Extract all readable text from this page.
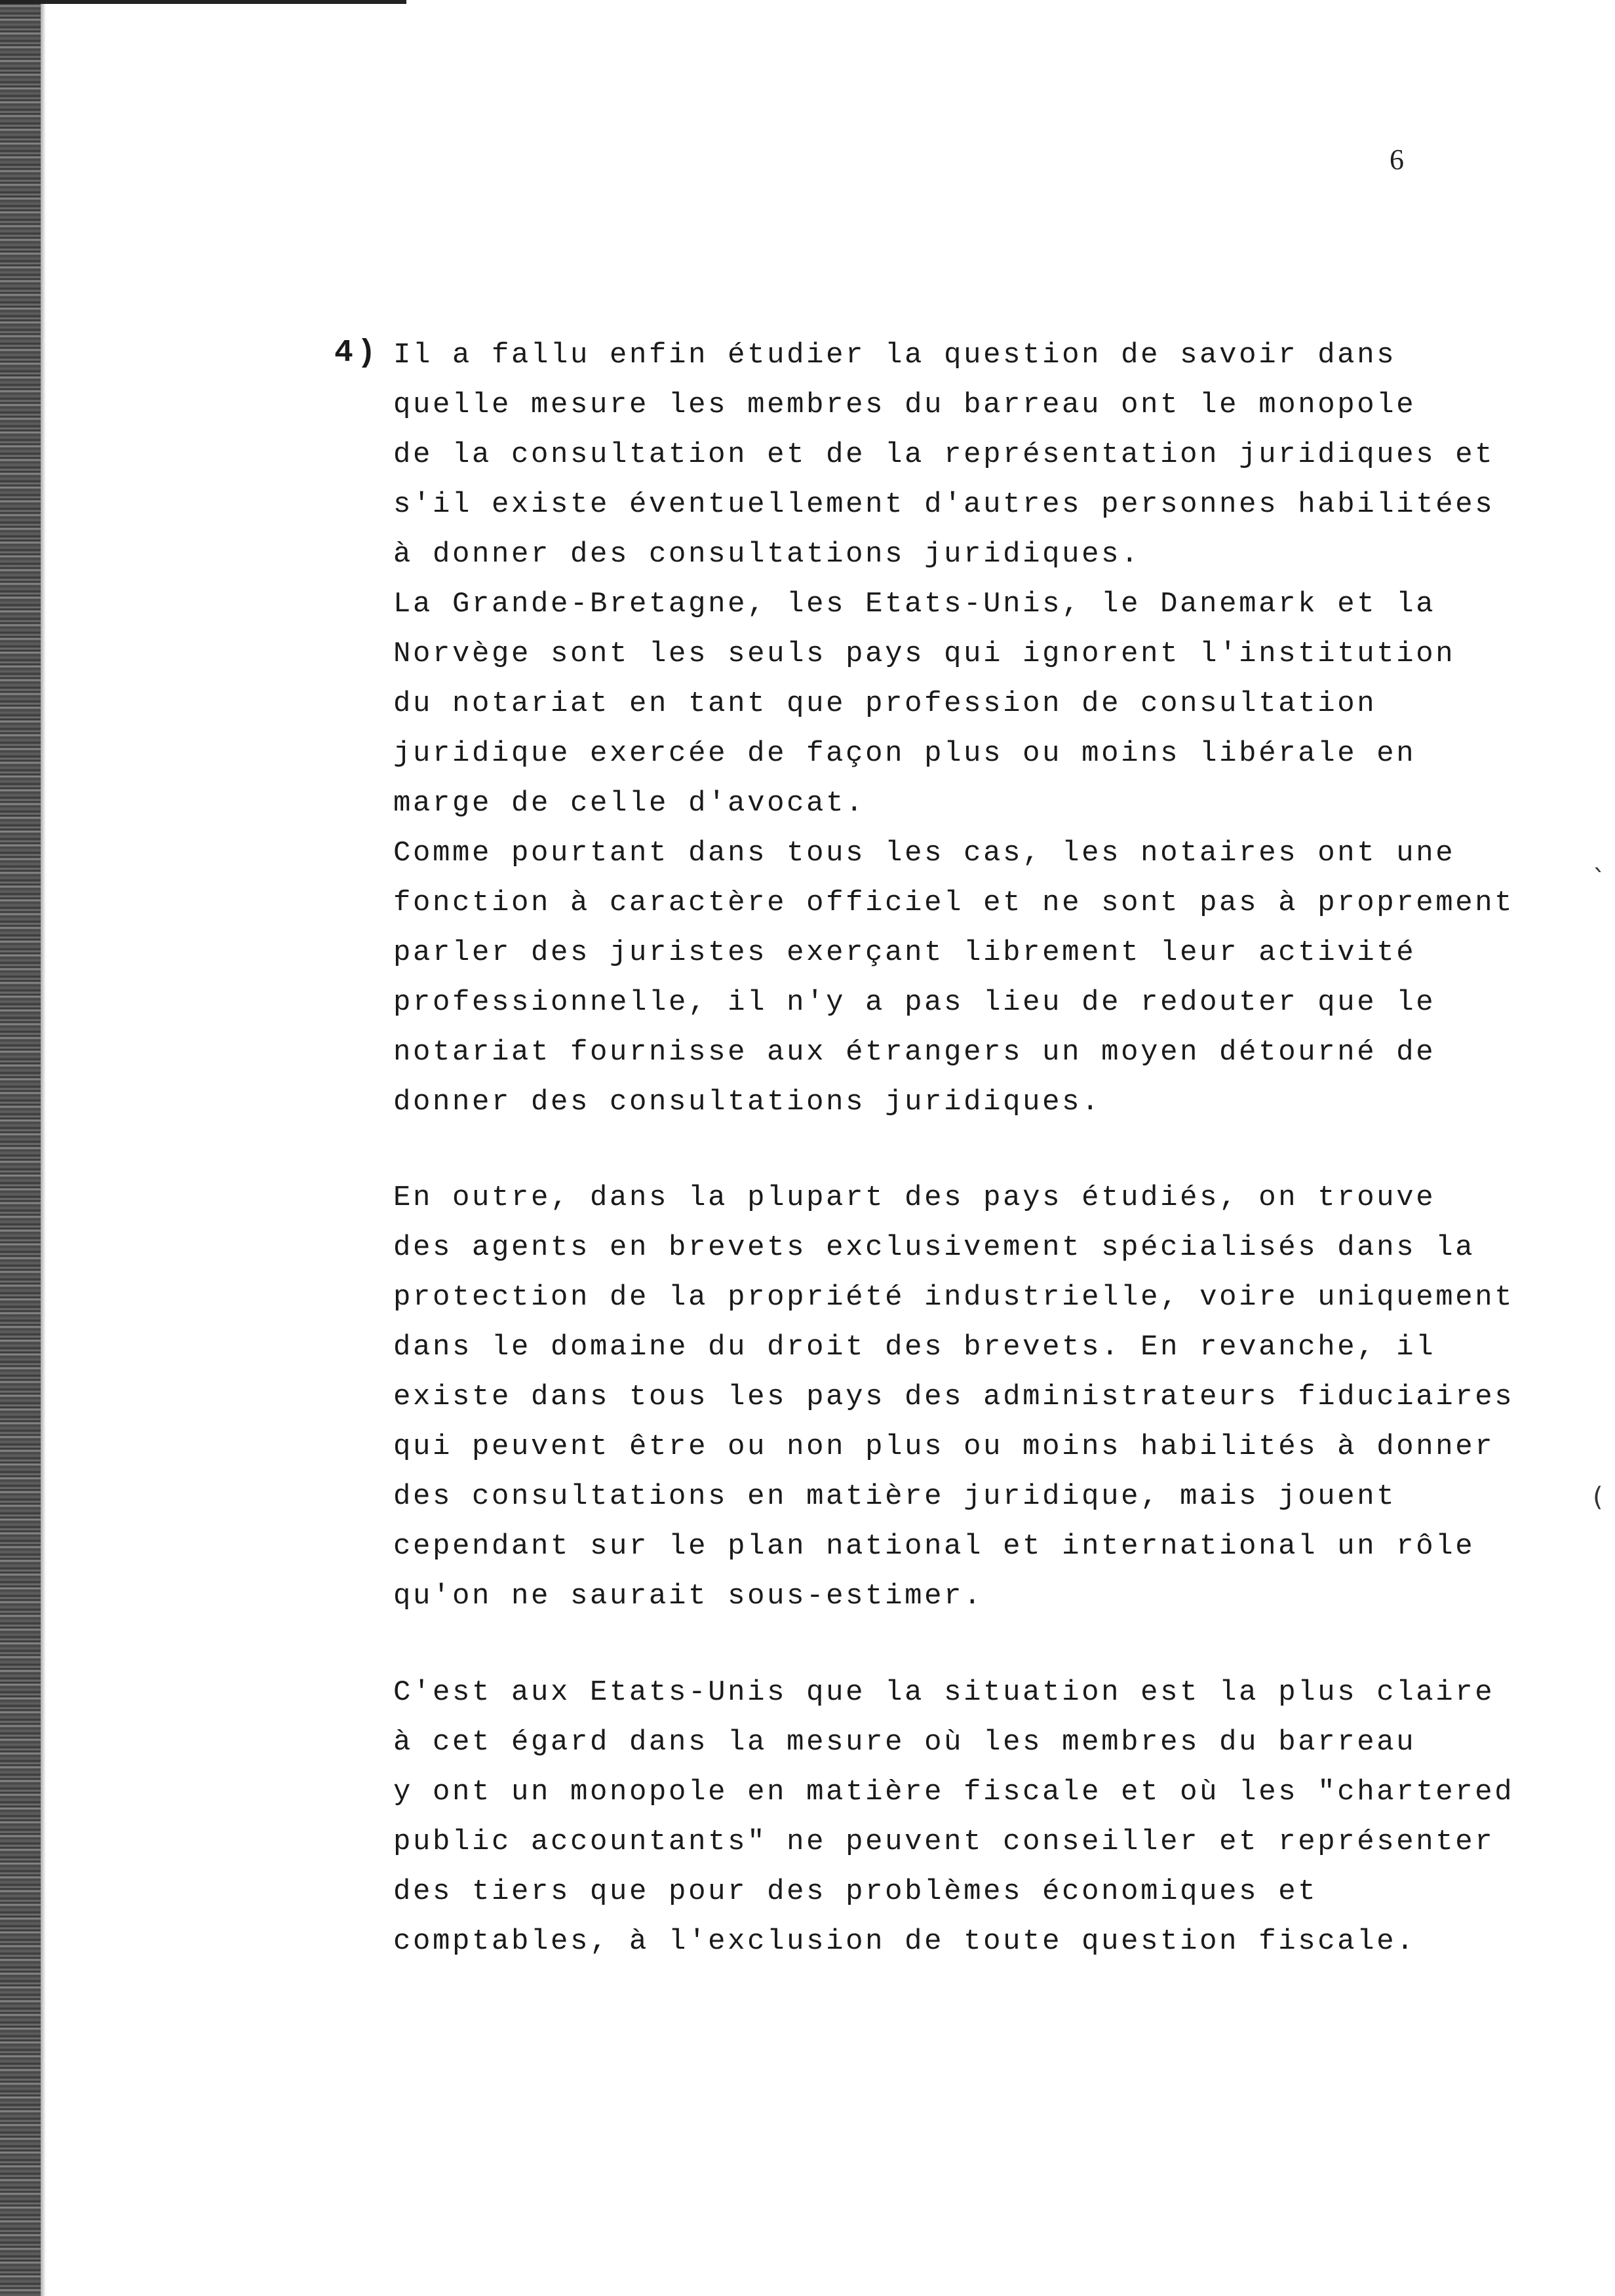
6
4) Il a fallu enfin étudier la question de savoir dans
quelle mesure les membres du barreau ont le monopole
de la consultation et de la représentation juridiques et
s'il existe éventuellement d'autres personnes habilitées
à donner des consultations juridiques.
La Grande-Bretagne, les Etats-Unis, le Danemark et la
Norvège sont les seuls pays qui ignorent l'institution
du notariat en tant que profession de consultation
juridique exercée de façon plus ou moins libérale en
marge de celle d'avocat.
Comme pourtant dans tous les cas, les notaires ont une
fonction à caractère officiel et ne sont pas à proprement
parler des juristes exerçant librement leur activité
professionnelle, il n'y a pas lieu de redouter que le
notariat fournisse aux étrangers un moyen détourné de
donner des consultations juridiques.
En outre, dans la plupart des pays étudiés, on trouve
des agents en brevets exclusivement spécialisés dans la
protection de la propriété industrielle, voire uniquement
dans le domaine du droit des brevets. En revanche, il
existe dans tous les pays des administrateurs fiduciaires
qui peuvent être ou non plus ou moins habilités à donner
des consultations en matière juridique, mais jouent
cependant sur le plan national et international un rôle
qu'on ne saurait sous-estimer.
C'est aux Etats-Unis que la situation est la plus claire
à cet égard dans la mesure où les membres du barreau
y ont un monopole en matière fiscale et où les "chartered
public accountants" ne peuvent conseiller et représenter
des tiers que pour des problèmes économiques et
comptables, à l'exclusion de toute question fiscale.
`
(
